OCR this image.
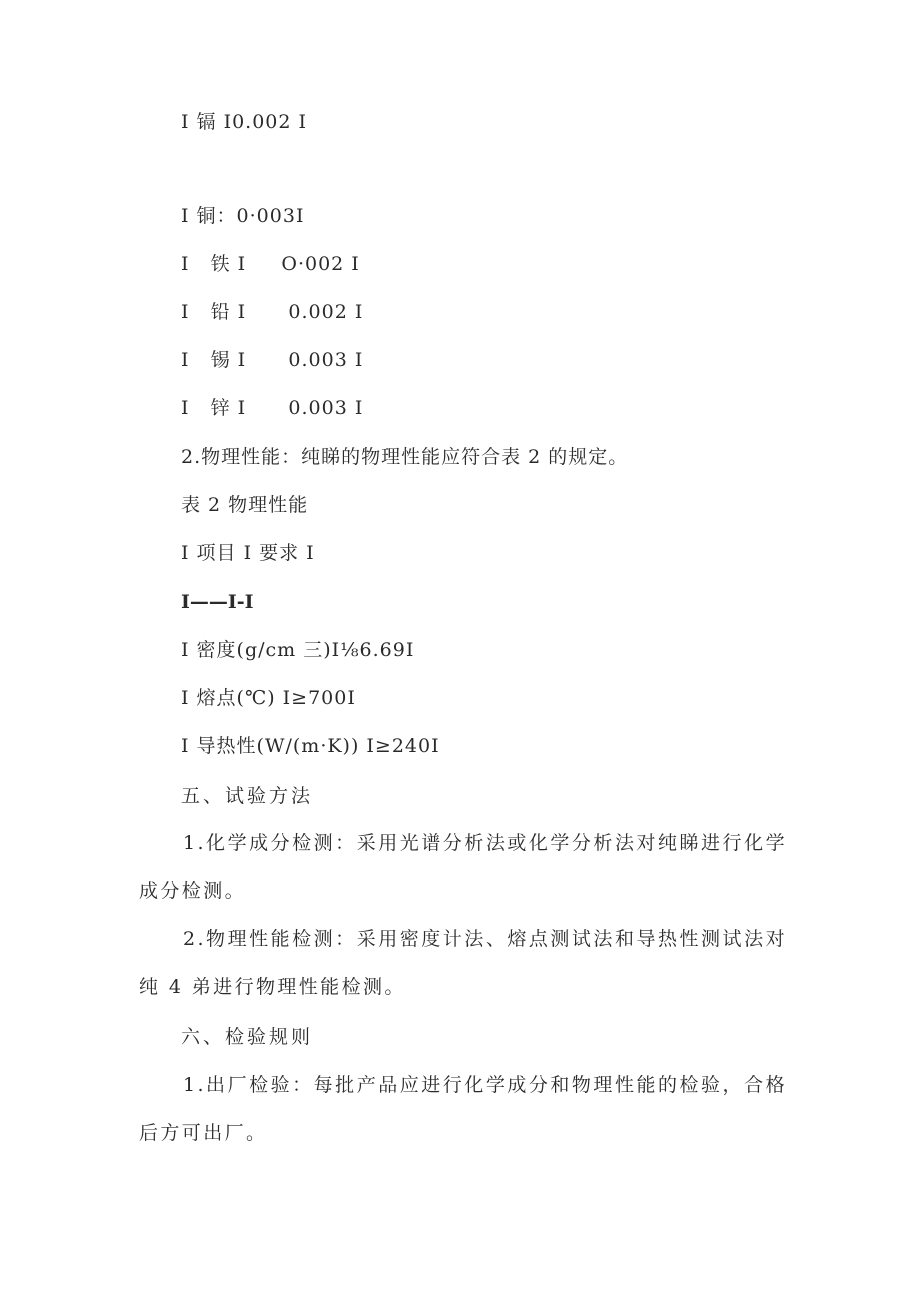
I 镉 I0.002 I
I 铜：0·003I
I   铁 I     O·002 I
I   铅 I      0.002 I
I   锡 I      0.003 I
I   锌 I      0.003 I
2.物理性能：纯睇的物理性能应符合表 2 的规定。
表 2 物理性能
I 项目 I 要求 I
I——I-I
I 密度(g∕cm 三)I⅛6.69I
I 熔点(℃) I≥700I
I 导热性(W/(m·K)) I≥240I
五、试验方法
1.化学成分检测：采用光谱分析法或化学分析法对纯睇进行化学成分检测。
2.物理性能检测：采用密度计法、熔点测试法和导热性测试法对纯 4 弟进行物理性能检测。
六、检验规则
1.出厂检验：每批产品应进行化学成分和物理性能的检验，合格后方可出厂。
